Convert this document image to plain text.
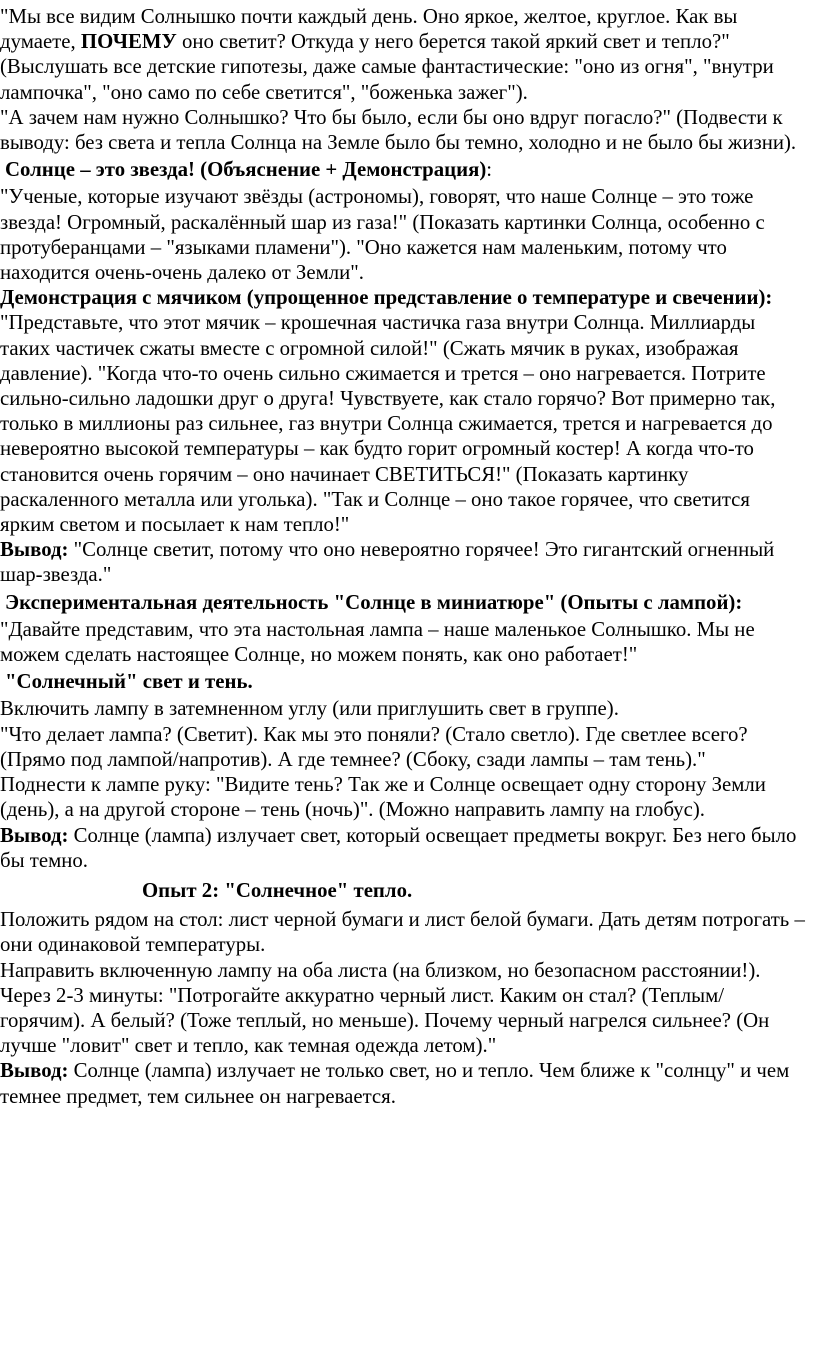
"Мы все видим Солнышко почти каждый день. Оно яркое, желтое, круглое. Как вы думаете, ПОЧЕМУ оно светит? Откуда у него берется такой яркий свет и тепло?" (Выслушать все детские гипотезы, даже самые фантастические: "оно из огня", "внутри лампочка", "оно само по себе светится", "боженька зажег").

"А зачем нам нужно Солнышко? Что бы было, если бы оно вдруг погасло?" (Подвести к выводу: без света и тепла Солнца на Земле было бы темно, холодно и не было бы жизни).

Солнце – это звезда! (Объяснение + Демонстрация):

"Ученые, которые изучают звёзды (астрономы), говорят, что наше Солнце – это тоже звезда! Огромный, раскалённый шар из газа!" (Показать картинки Солнца, особенно с протуберанцами – "языками пламени"). "Оно кажется нам маленьким, потому что находится очень-очень далеко от Земли".

Демонстрация с мячиком (упрощенное представление о температуре и свечении): "Представьте, что этот мячик – крошечная частичка газа внутри Солнца. Миллиарды таких частичек сжаты вместе с огромной силой!" (Сжать мячик в руках, изображая давление). "Когда что-то очень сильно сжимается и трется – оно нагревается. Потрите сильно-сильно ладошки друг о друга! Чувствуете, как стало горячо? Вот примерно так, только в миллионы раз сильнее, газ внутри Солнца сжимается, трется и нагревается до невероятно высокой температуры – как будто горит огромный костер! А когда что-то становится очень горячим – оно начинает СВЕТИТЬСЯ!" (Показать картинку раскаленного металла или уголька). "Так и Солнце – оно такое горячее, что светится ярким светом и посылает к нам тепло!"

Вывод: "Солнце светит, потому что оно невероятно горячее! Это гигантский огненный шар-звезда."

Экспериментальная деятельность "Солнце в миниатюре" (Опыты с лампой):

"Давайте представим, что эта настольная лампа – наше маленькое Солнышко. Мы не можем сделать настоящее Солнце, но можем понять, как оно работает!"

"Солнечный" свет и тень.

Включить лампу в затемненном углу (или приглушить свет в группе).

"Что делает лампа? (Светит). Как мы это поняли? (Стало светло). Где светлее всего? (Прямо под лампой/напротив). А где темнее? (Сбоку, сзади лампы – там тень)."

Поднести к лампе руку: "Видите тень? Так же и Солнце освещает одну сторону Земли (день), а на другой стороне – тень (ночь)". (Можно направить лампу на глобус).

Вывод: Солнце (лампа) излучает свет, который освещает предметы вокруг. Без него было бы темно.

Опыт 2: "Солнечное" тепло.

Положить рядом на стол: лист черной бумаги и лист белой бумаги. Дать детям потрогать – они одинаковой температуры.

Направить включенную лампу на оба листа (на близком, но безопасном расстоянии!).

Через 2-3 минуты: "Потрогайте аккуратно черный лист. Каким он стал? (Теплым/горячим). А белый? (Тоже теплый, но меньше). Почему черный нагрелся сильнее? (Он лучше "ловит" свет и тепло, как темная одежда летом)."

Вывод: Солнце (лампа) излучает не только свет, но и тепло. Чем ближе к "солнцу" и чем темнее предмет, тем сильнее он нагревается.
